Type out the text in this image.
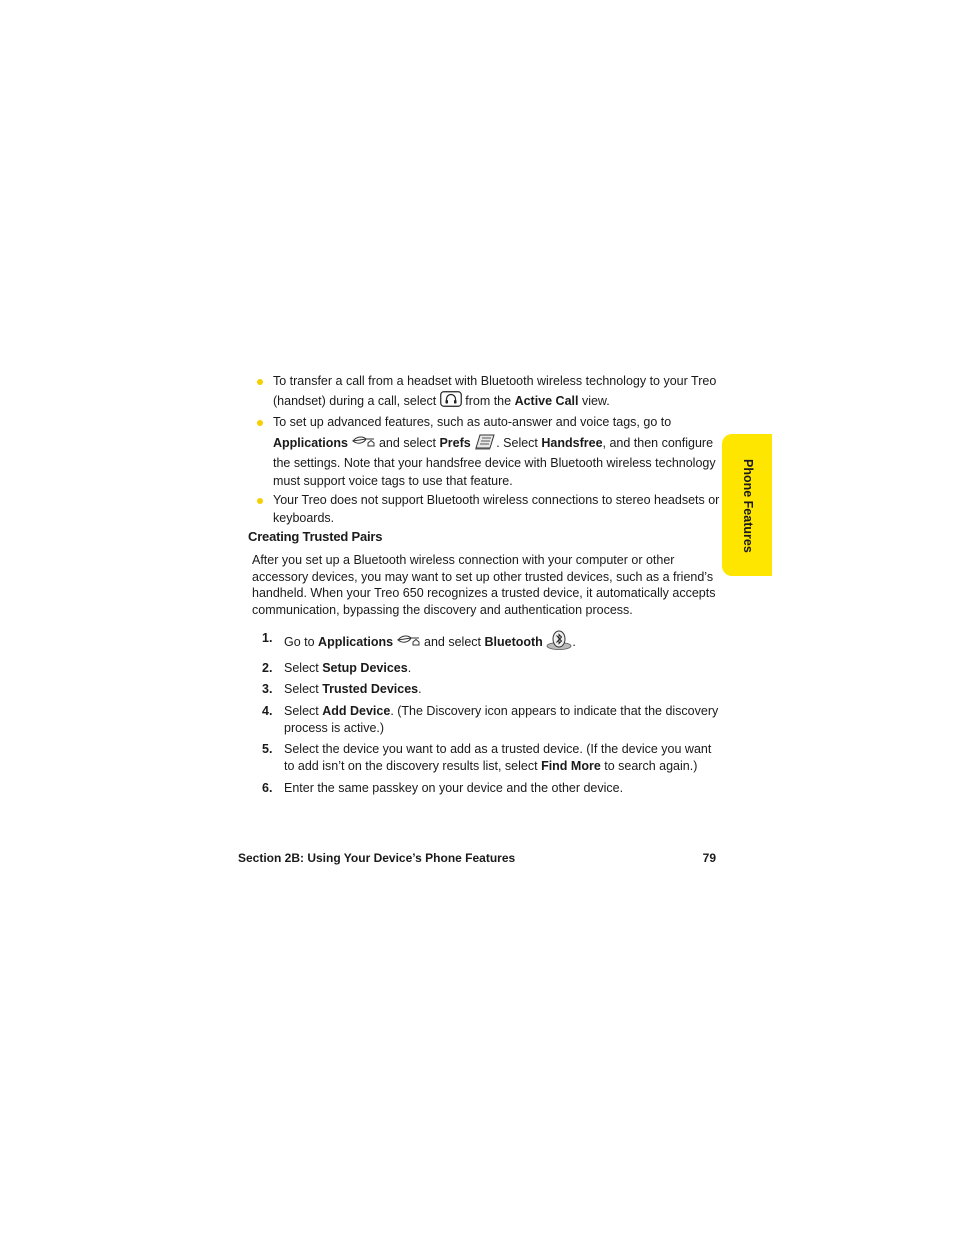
To transfer a call from a headset with Bluetooth wireless technology to your Treo (handset) during a call, select  from the Active Call view.
To set up advanced features, such as auto-answer and voice tags, go to Applications  and select Prefs . Select Handsfree, and then configure the settings. Note that your handsfree device with Bluetooth wireless technology must support voice tags to use that feature.
Your Treo does not support Bluetooth wireless connections to stereo headsets or keyboards.
Creating Trusted Pairs
After you set up a Bluetooth wireless connection with your computer or other accessory devices, you may want to set up other trusted devices, such as a friend’s handheld. When your Treo 650 recognizes a trusted device, it automatically accepts communication, bypassing the discovery and authentication process.
1. Go to Applications  and select Bluetooth .
2. Select Setup Devices.
3. Select Trusted Devices.
4. Select Add Device. (The Discovery icon appears to indicate that the discovery process is active.)
5. Select the device you want to add as a trusted device. (If the device you want to add isn’t on the discovery results list, select Find More to search again.)
6. Enter the same passkey on your device and the other device.
Section 2B: Using Your Device’s Phone Features	79
Phone Features
